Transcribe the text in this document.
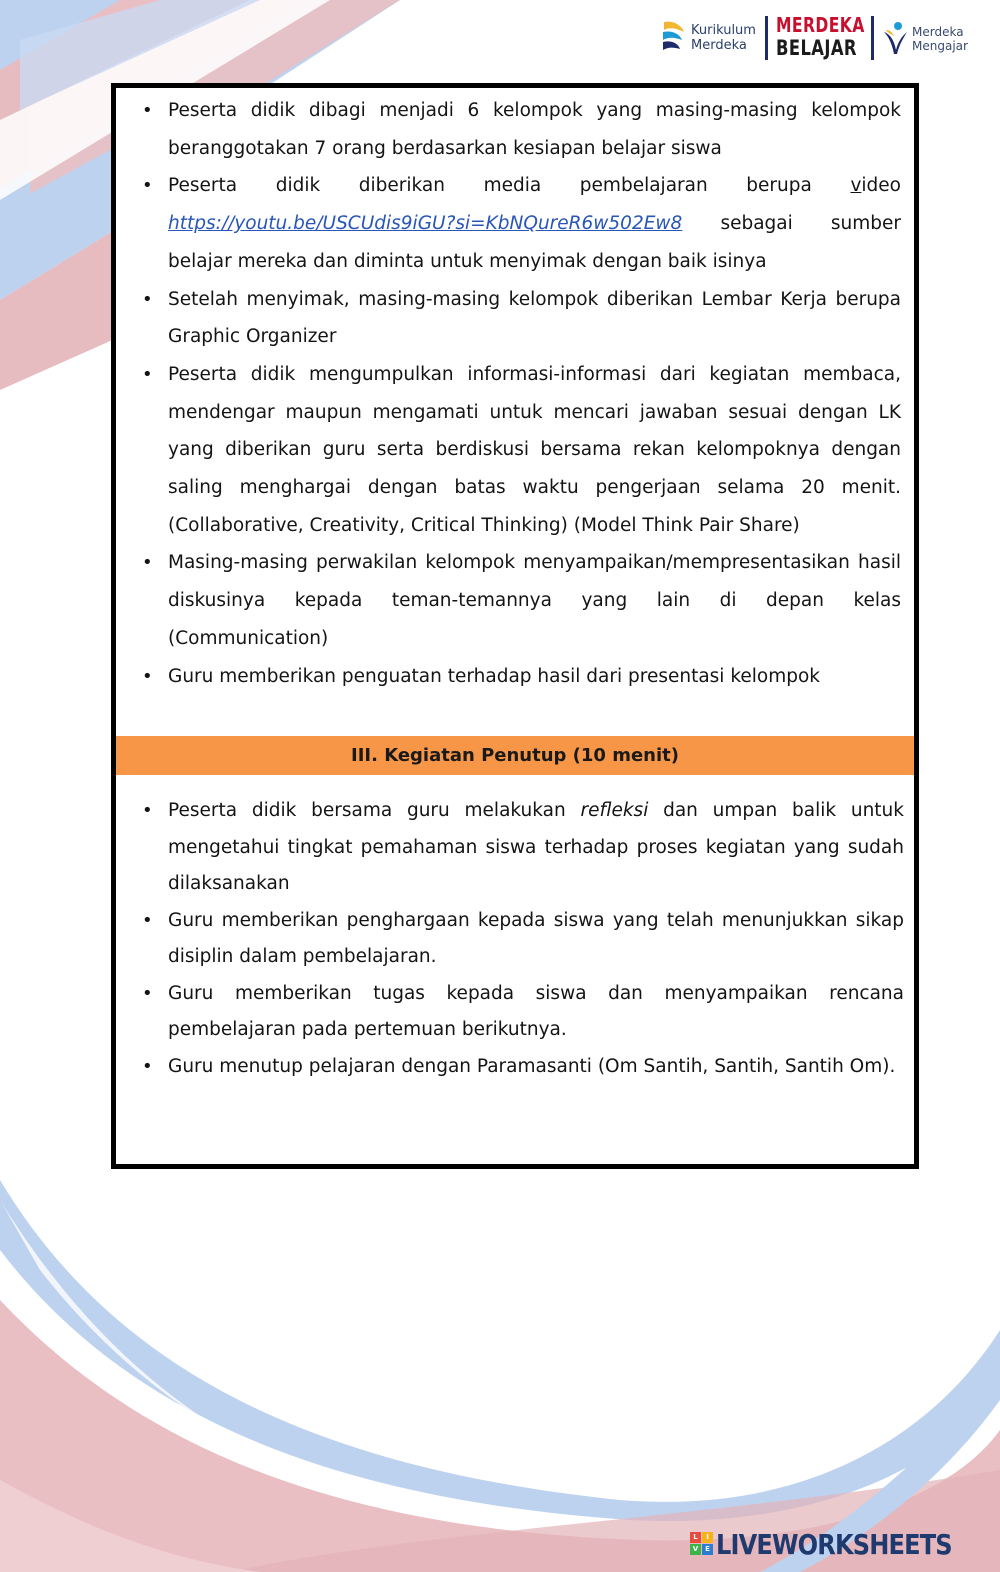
Kurikulum
Merdeka
MERDEKA
BELAJAR
Merdeka
Mengajar
• Peserta didik dibagi menjadi 6 kelompok yang masing-masing kelompok beranggotakan 7 orang berdasarkan kesiapan belajar siswa
• Peserta didik diberikan media pembelajaran berupa video https://youtu.be/USCUdis9iGU?si=KbNQureR6w502Ew8 sebagai sumber belajar mereka dan diminta untuk menyimak dengan baik isinya
• Setelah menyimak, masing-masing kelompok diberikan Lembar Kerja berupa Graphic Organizer
• Peserta didik mengumpulkan informasi-informasi dari kegiatan membaca, mendengar maupun mengamati untuk mencari jawaban sesuai dengan LK yang diberikan guru serta berdiskusi bersama rekan kelompoknya dengan saling menghargai dengan batas waktu pengerjaan selama 20 menit. (Collaborative, Creativity, Critical Thinking) (Model Think Pair Share)
• Masing-masing perwakilan kelompok menyampaikan/mempresentasikan hasil diskusinya kepada teman-temannya yang lain di depan kelas (Communication)
• Guru memberikan penguatan terhadap hasil dari presentasi kelompok
III. Kegiatan Penutup (10 menit)
• Peserta didik bersama guru melakukan refleksi dan umpan balik untuk mengetahui tingkat pemahaman siswa terhadap proses kegiatan yang sudah dilaksanakan
• Guru memberikan penghargaan kepada siswa yang telah menunjukkan sikap disiplin dalam pembelajaran.
• Guru memberikan tugas kepada siswa dan menyampaikan rencana pembelajaran pada pertemuan berikutnya.
• Guru menutup pelajaran dengan Paramasanti (Om Santih, Santih, Santih Om).
L	I
V E LIVEWORKSHEETS
